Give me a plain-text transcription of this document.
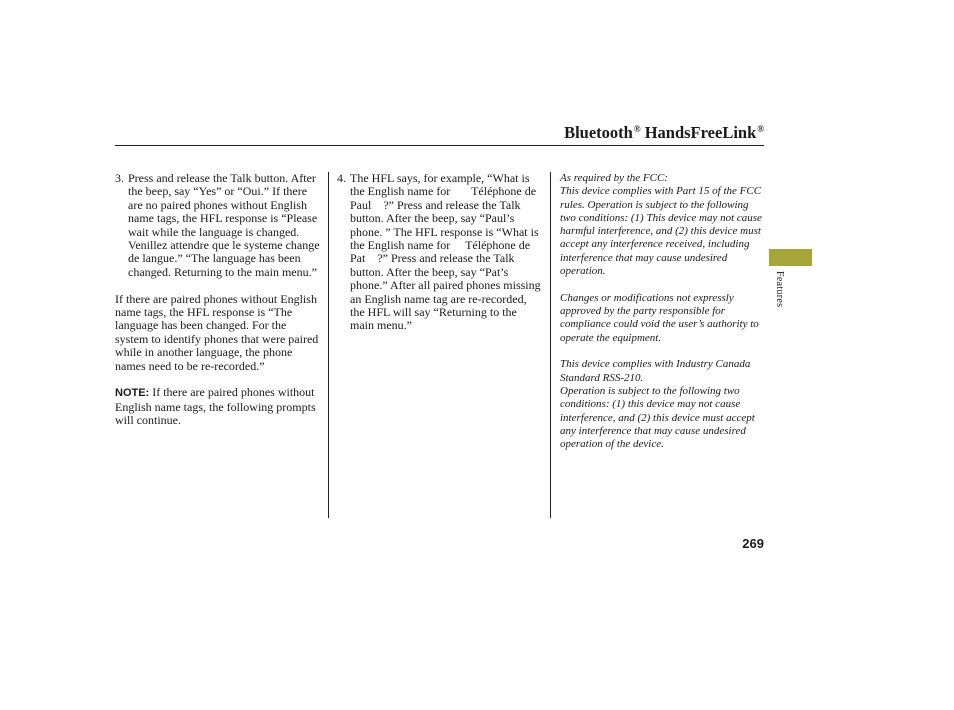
Bluetooth® HandsFreeLink®
3. Press and release the Talk button. After the beep, say “Yes” or “Oui.” If there are no paired phones without English name tags, the HFL response is “Please wait while the language is changed. Venillez attendre que le systeme change de langue.” “The language has been changed. Returning to the main menu.”

If there are paired phones without English name tags, the HFL response is “The language has been changed. For the system to identify phones that were paired while in another language, the phone names need to be re-recorded.”

NOTE: If there are paired phones without English name tags, the following prompts will continue.

4. The HFL says, for example, “What is the English name for       Téléphone de Paul    ?” Press and release the Talk button. After the beep, say “Paul’s phone. ” The HFL response is “What is the English name for     Téléphone de Pat    ?” Press and release the Talk button. After the beep, say “Pat’s phone.” After all paired phones missing an English name tag are re-recorded, the HFL will say “Returning to the main menu.”

As required by the FCC:

This device complies with Part 15 of the FCC rules. Operation is subject to the following two conditions: (1) This device may not cause harmful interference, and (2) this device must accept any interference received, including interference that may cause undesired operation.

Changes or modifications not expressly approved by the party responsible for compliance could void the user’s authority to operate the equipment.

This device complies with Industry Canada Standard RSS-210.

Operation is subject to the following two conditions: (1) this device may not cause interference, and (2) this device must accept any interference that may cause undesired operation of the device.

Features
269
